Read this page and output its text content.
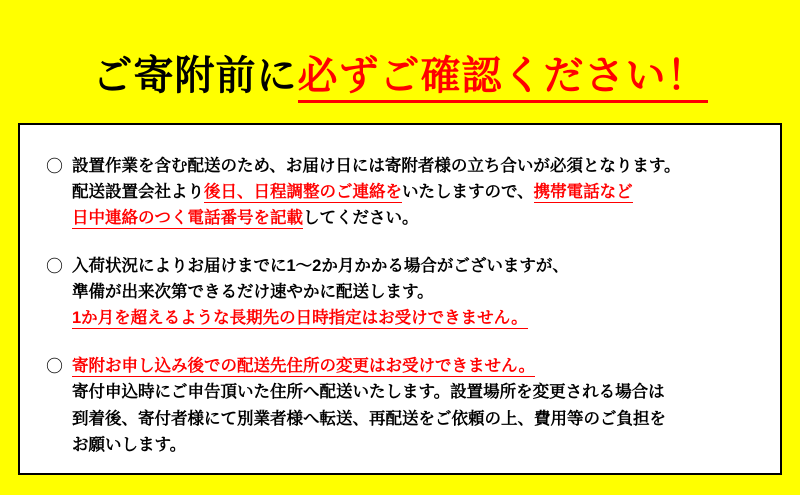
ご寄附前に必ずご確認ください！
〇 設置作業を含む配送のため、お届け日には寄附者様の立ち合いが必須となります。
配送設置会社より後日、日程調整のご連絡をいたしますので、携帯電話など
日中連絡のつく電話番号を記載してください。
〇 入荷状況によりお届けまでに1〜2か月かかる場合がございますが、
準備が出来次第できるだけ速やかに配送します。
1か月を超えるような長期先の日時指定はお受けできません。
〇 寄附お申し込み後での配送先住所の変更はお受けできません。
寄付申込時にご申告頂いた住所へ配送いたします。設置場所を変更される場合は
到着後、寄付者様にて別業者様へ転送、再配送をご依頼の上、費用等のご負担を
お願いします。
